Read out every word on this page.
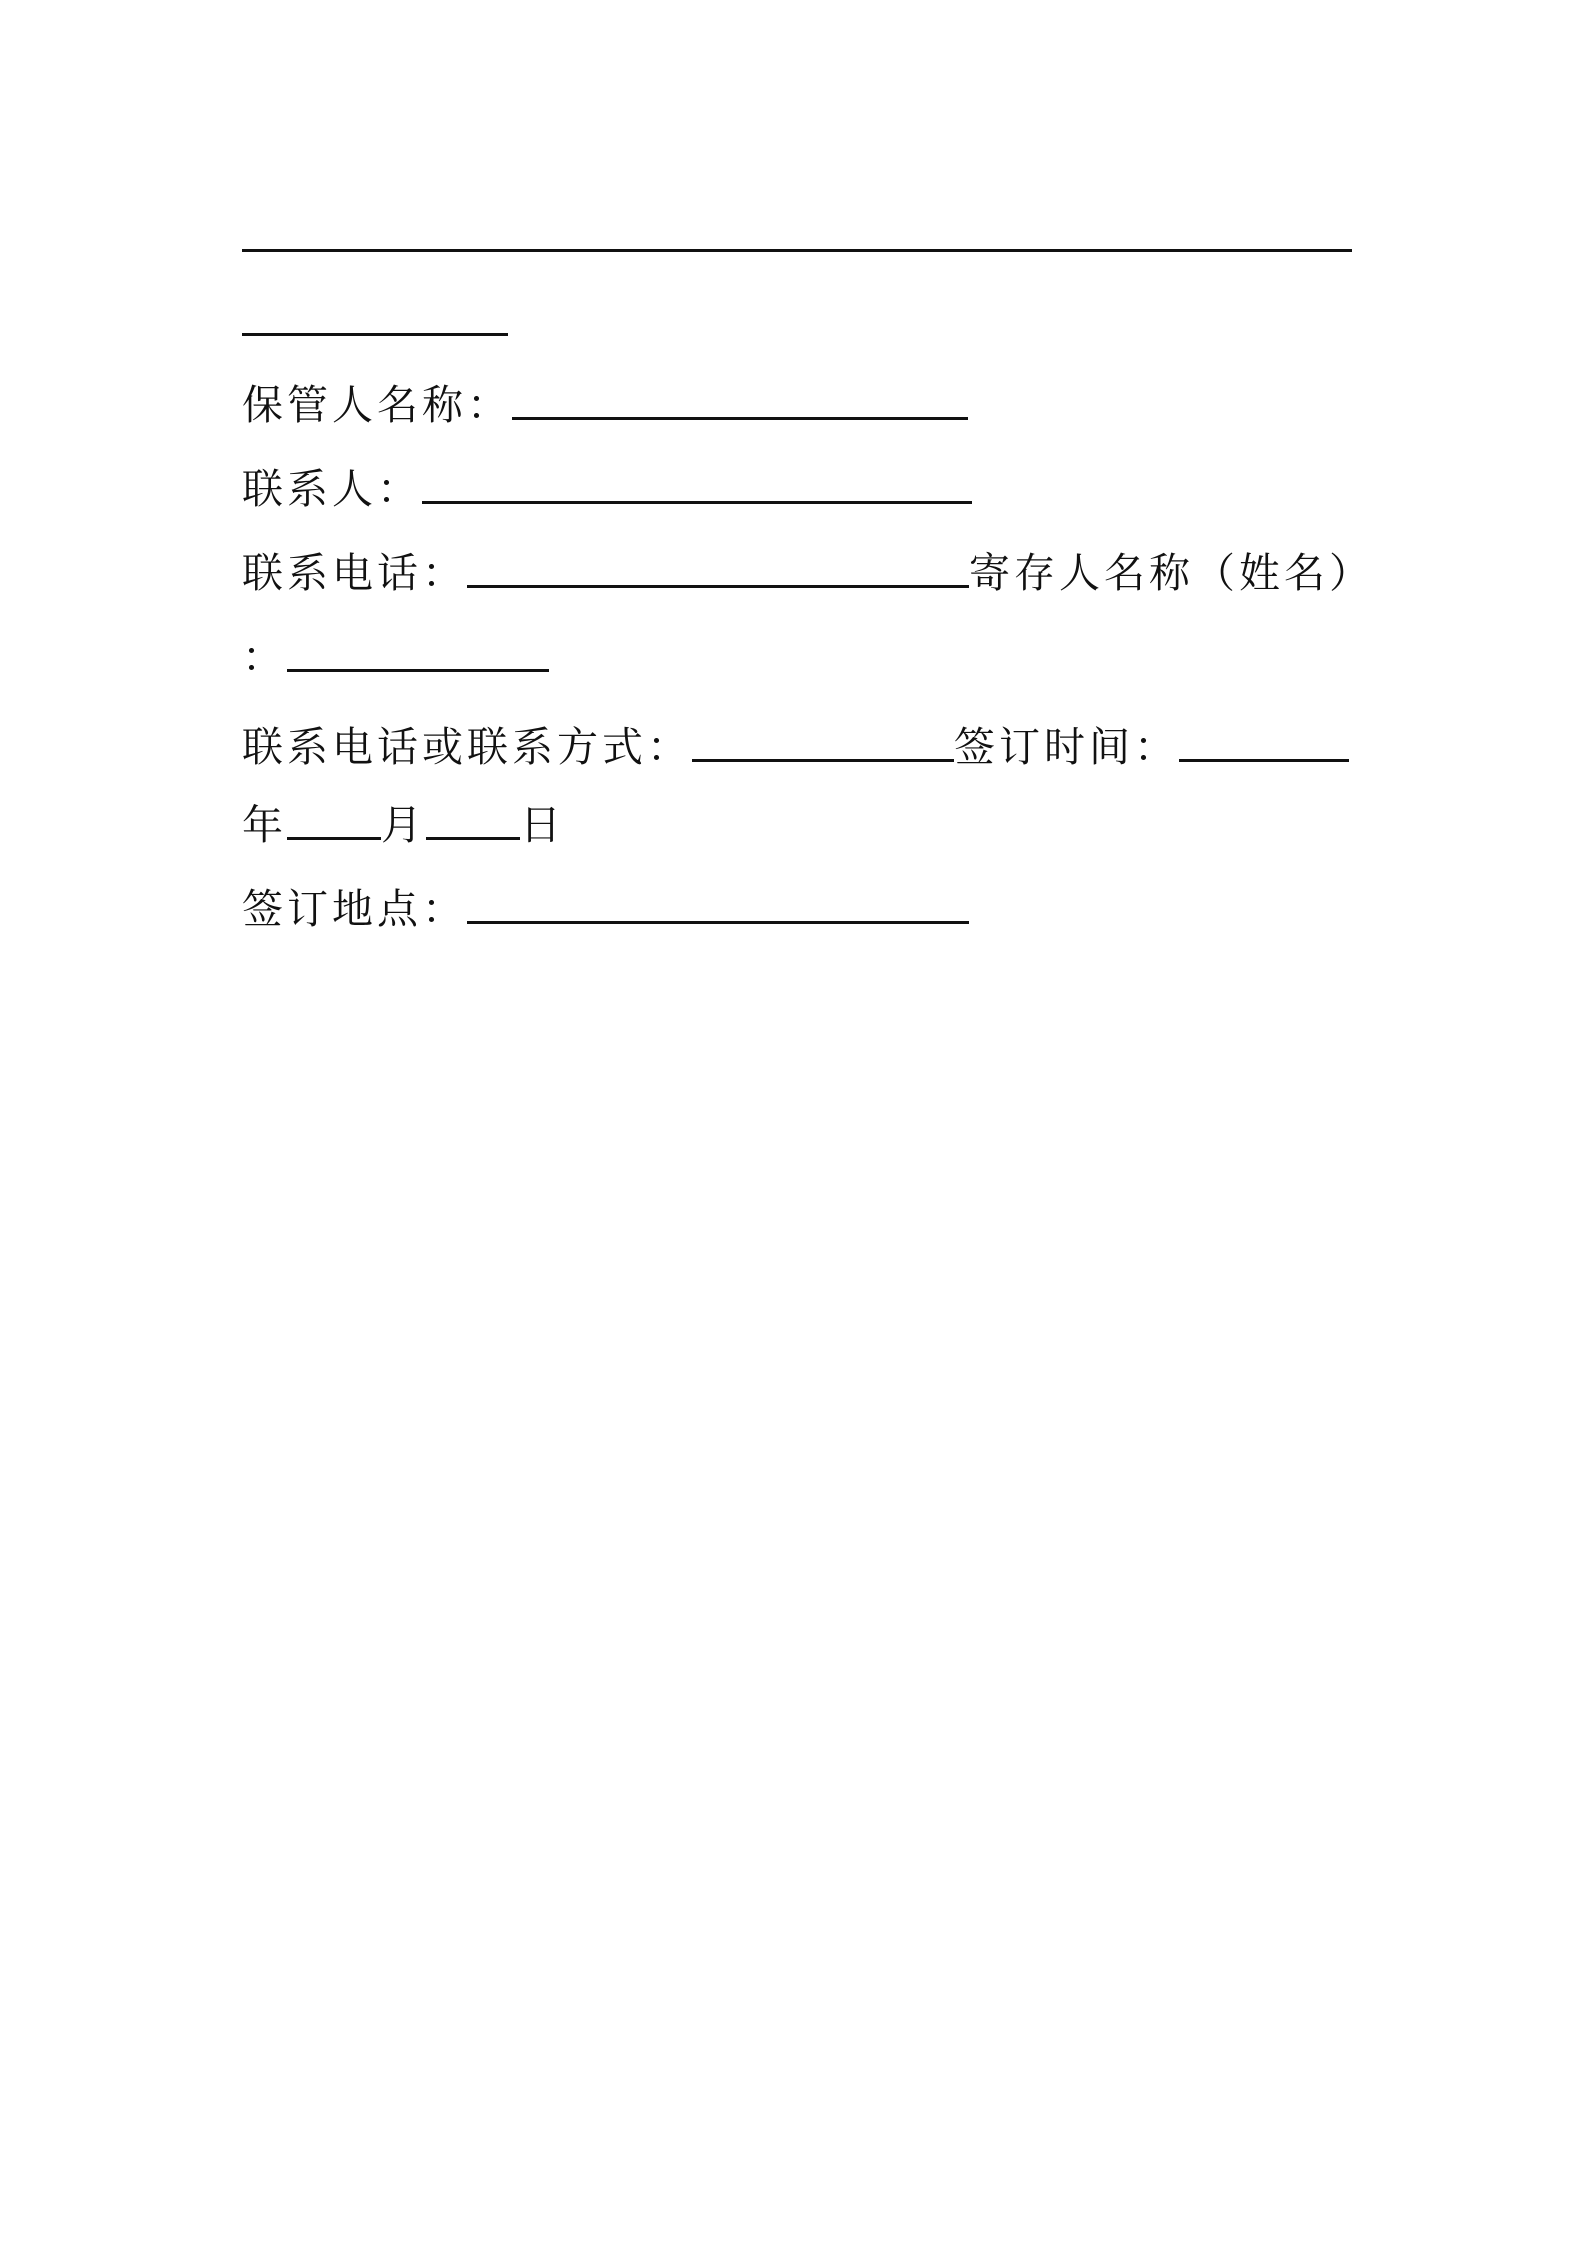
保管人名称：
联系人：
联系电话：	寄存人名称（姓名）
：
联系电话或联系方式：	签订时间：
年 月 日
签订地点：
